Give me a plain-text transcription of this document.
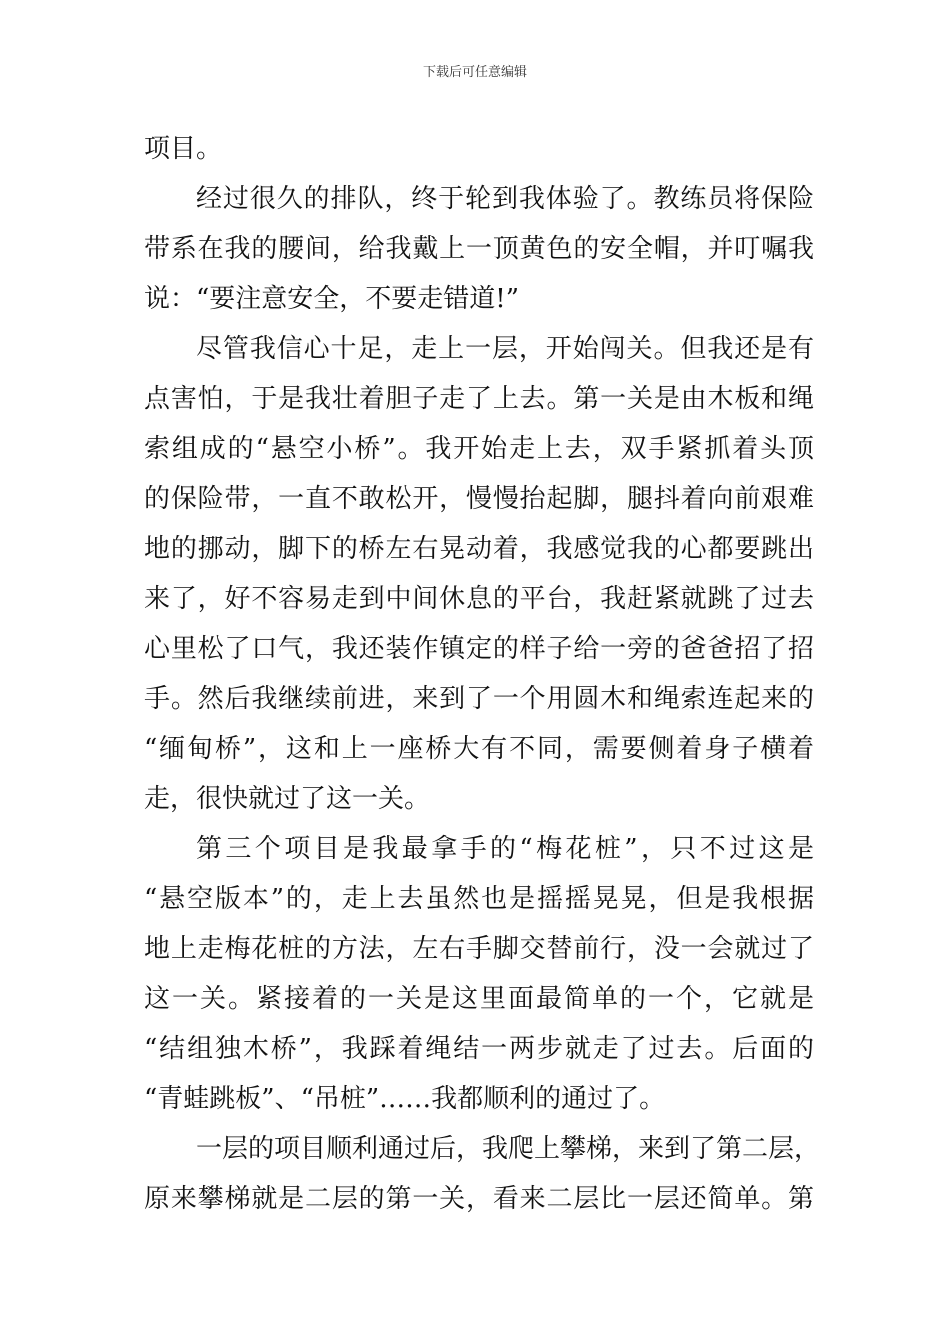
下载后可任意编辑
项目。
经过很久的排队，终于轮到我体验了。教练员将保险
带系在我的腰间，给我戴上一顶黄色的安全帽，并叮嘱我
说：“要注意安全，不要走错道!”
尽管我信心十足，走上一层，开始闯关。但我还是有
点害怕，于是我壮着胆子走了上去。第一关是由木板和绳
索组成的“悬空小桥”。我开始走上去，双手紧抓着头顶
的保险带，一直不敢松开，慢慢抬起脚，腿抖着向前艰难
地的挪动，脚下的桥左右晃动着，我感觉我的心都要跳出
来了，好不容易走到中间休息的平台，我赶紧就跳了过去
心里松了口气，我还装作镇定的样子给一旁的爸爸招了招
手。然后我继续前进，来到了一个用圆木和绳索连起来的
“缅甸桥”，这和上一座桥大有不同，需要侧着身子横着
走，很快就过了这一关。
第三个项目是我最拿手的“梅花桩”，只不过这是
“悬空版本”的，走上去虽然也是摇摇晃晃，但是我根据
地上走梅花桩的方法，左右手脚交替前行，没一会就过了
这一关。紧接着的一关是这里面最简单的一个，它就是
“结组独木桥”，我踩着绳结一两步就走了过去。后面的
“青蛙跳板”、“吊桩”……我都顺利的通过了。
一层的项目顺利通过后，我爬上攀梯，来到了第二层，
原来攀梯就是二层的第一关，看来二层比一层还简单。第
